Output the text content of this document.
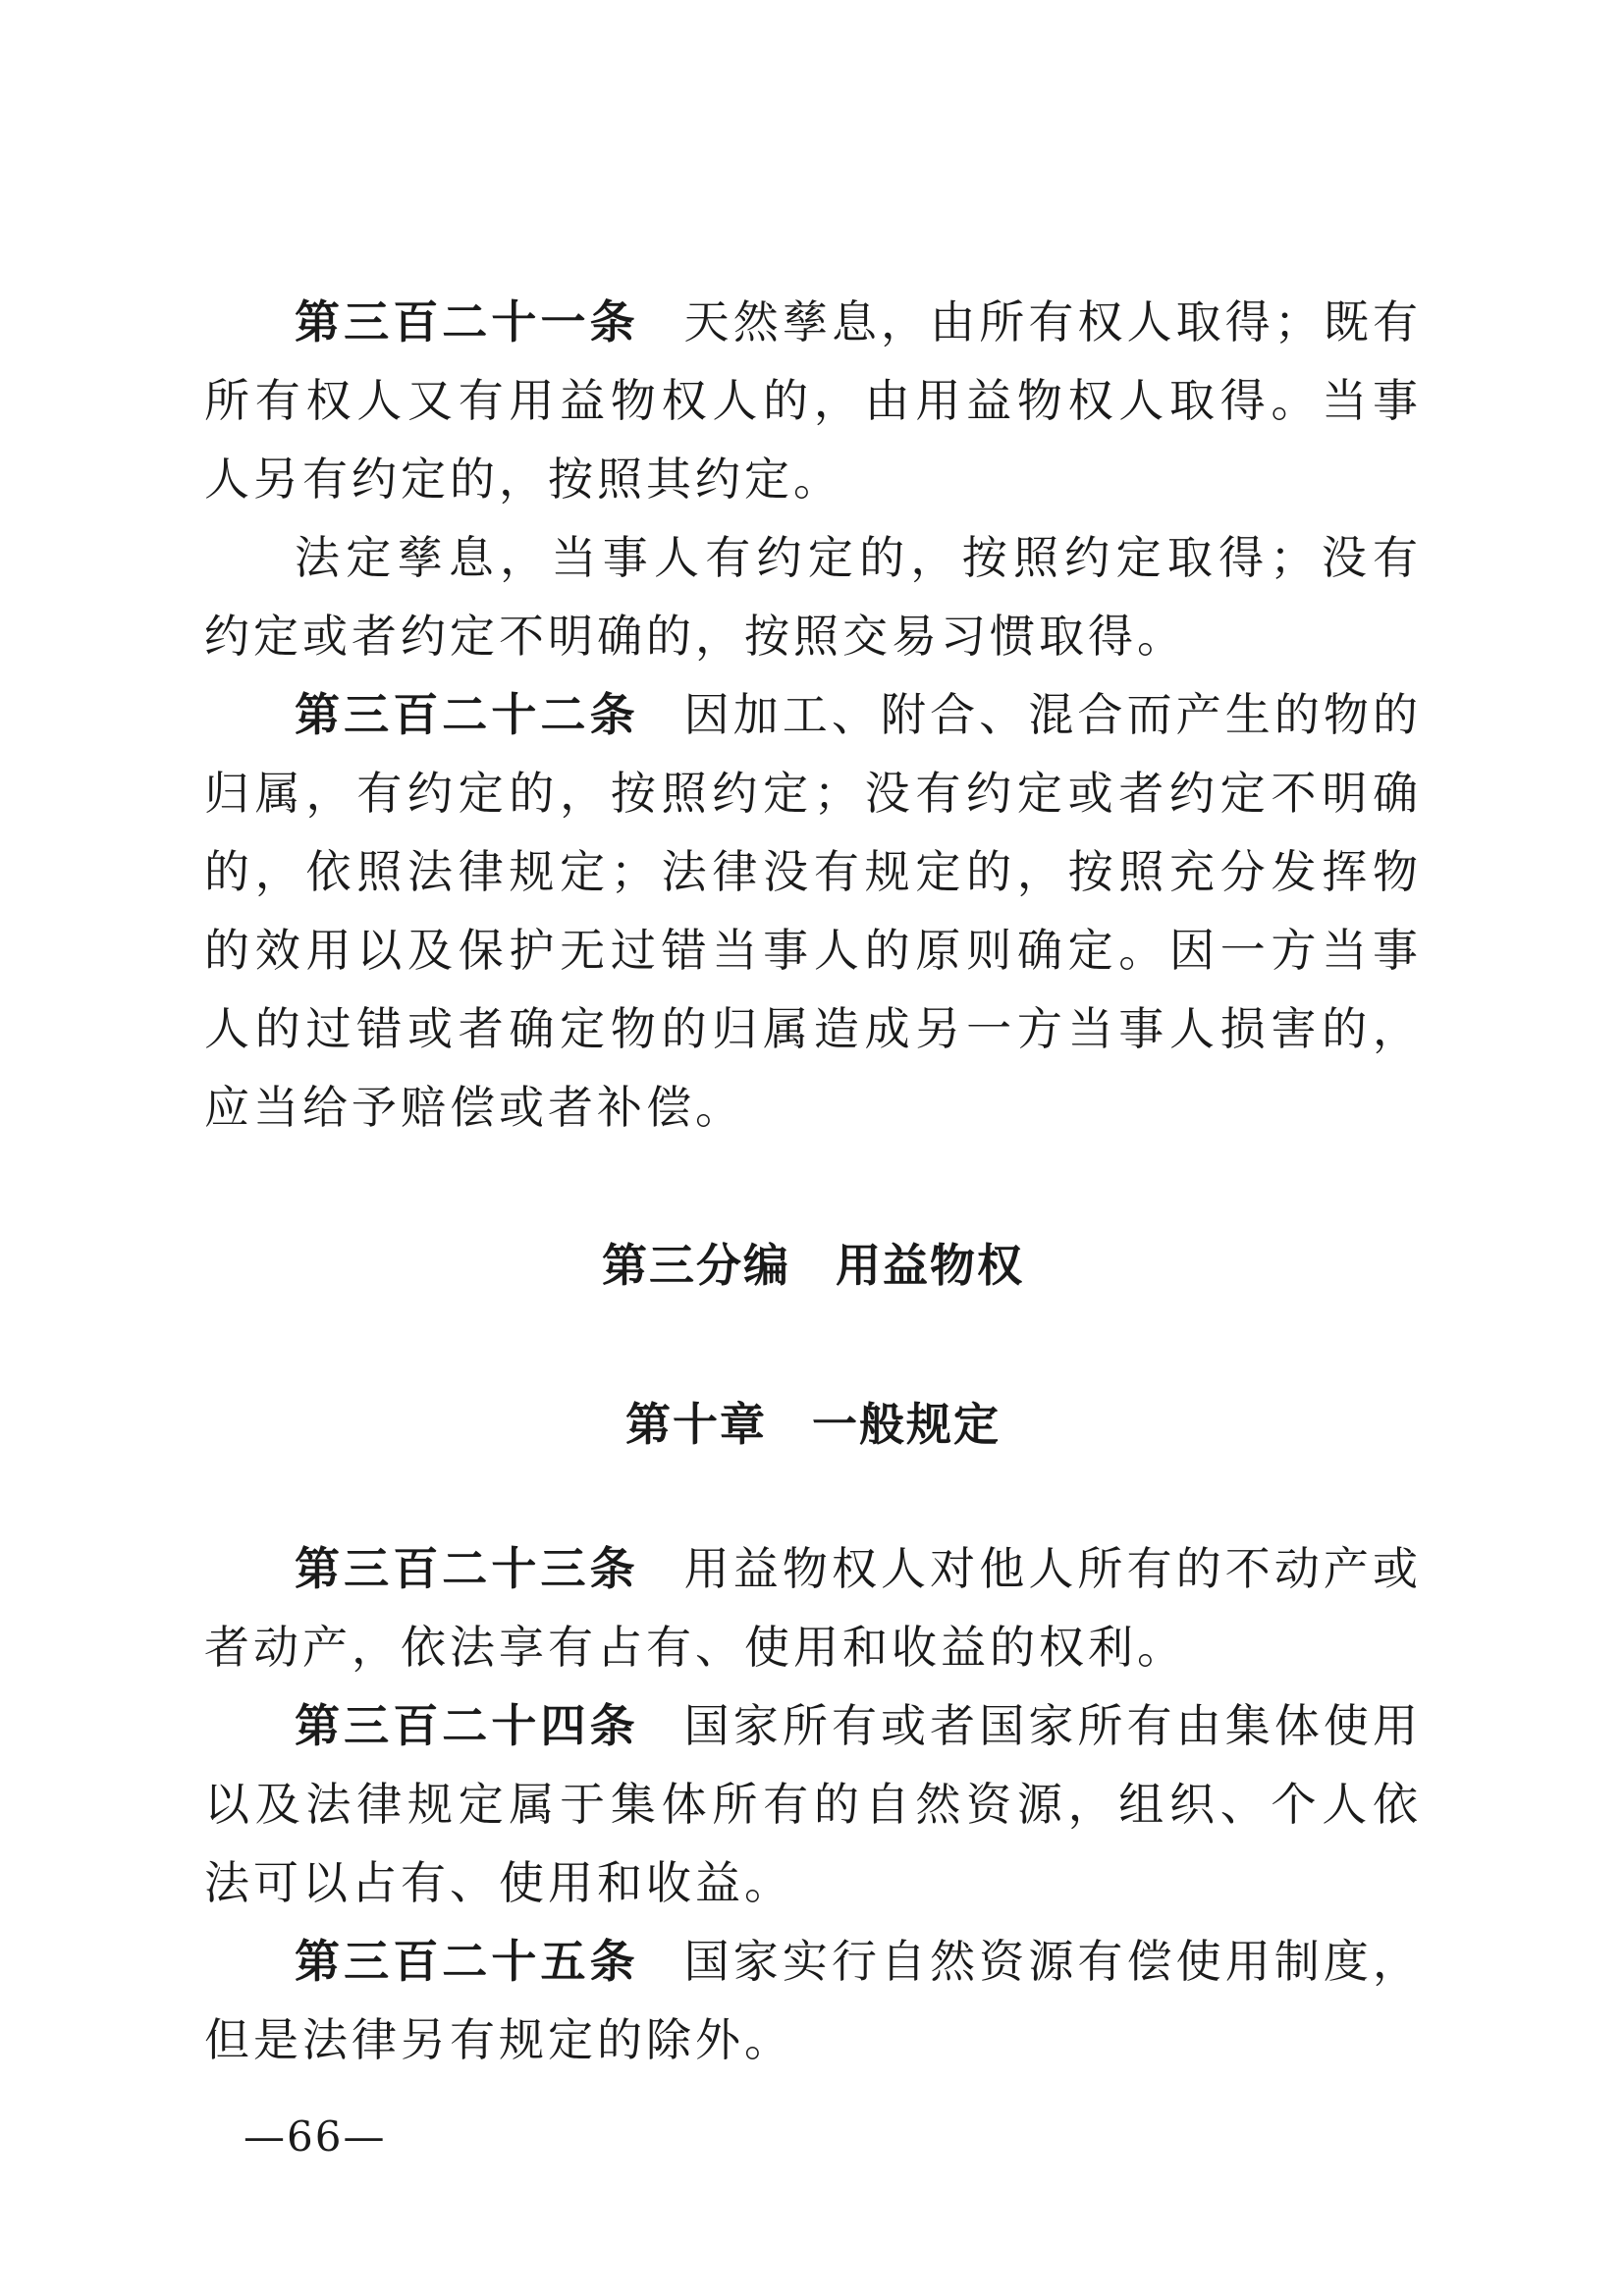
第三百二十一条 天然孳息，由所有权人取得；既有所有权人又有用益物权人的，由用益物权人取得。当事人另有约定的，按照其约定。

法定孳息，当事人有约定的，按照约定取得；没有约定或者约定不明确的，按照交易习惯取得。

第三百二十二条 因加工、附合、混合而产生的物的归属，有约定的，按照约定；没有约定或者约定不明确的，依照法律规定；法律没有规定的，按照充分发挥物的效用以及保护无过错当事人的原则确定。因一方当事人的过错或者确定物的归属造成另一方当事人损害的，应当给予赔偿或者补偿。

第三分编 用益物权
第十章 一般规定

第三百二十三条 用益物权人对他人所有的不动产或者动产，依法享有占有、使用和收益的权利。

第三百二十四条 国家所有或者国家所有由集体使用以及法律规定属于集体所有的自然资源，组织、个人依法可以占有、使用和收益。

第三百二十五条 国家实行自然资源有偿使用制度，但是法律另有规定的除外。

—66—
